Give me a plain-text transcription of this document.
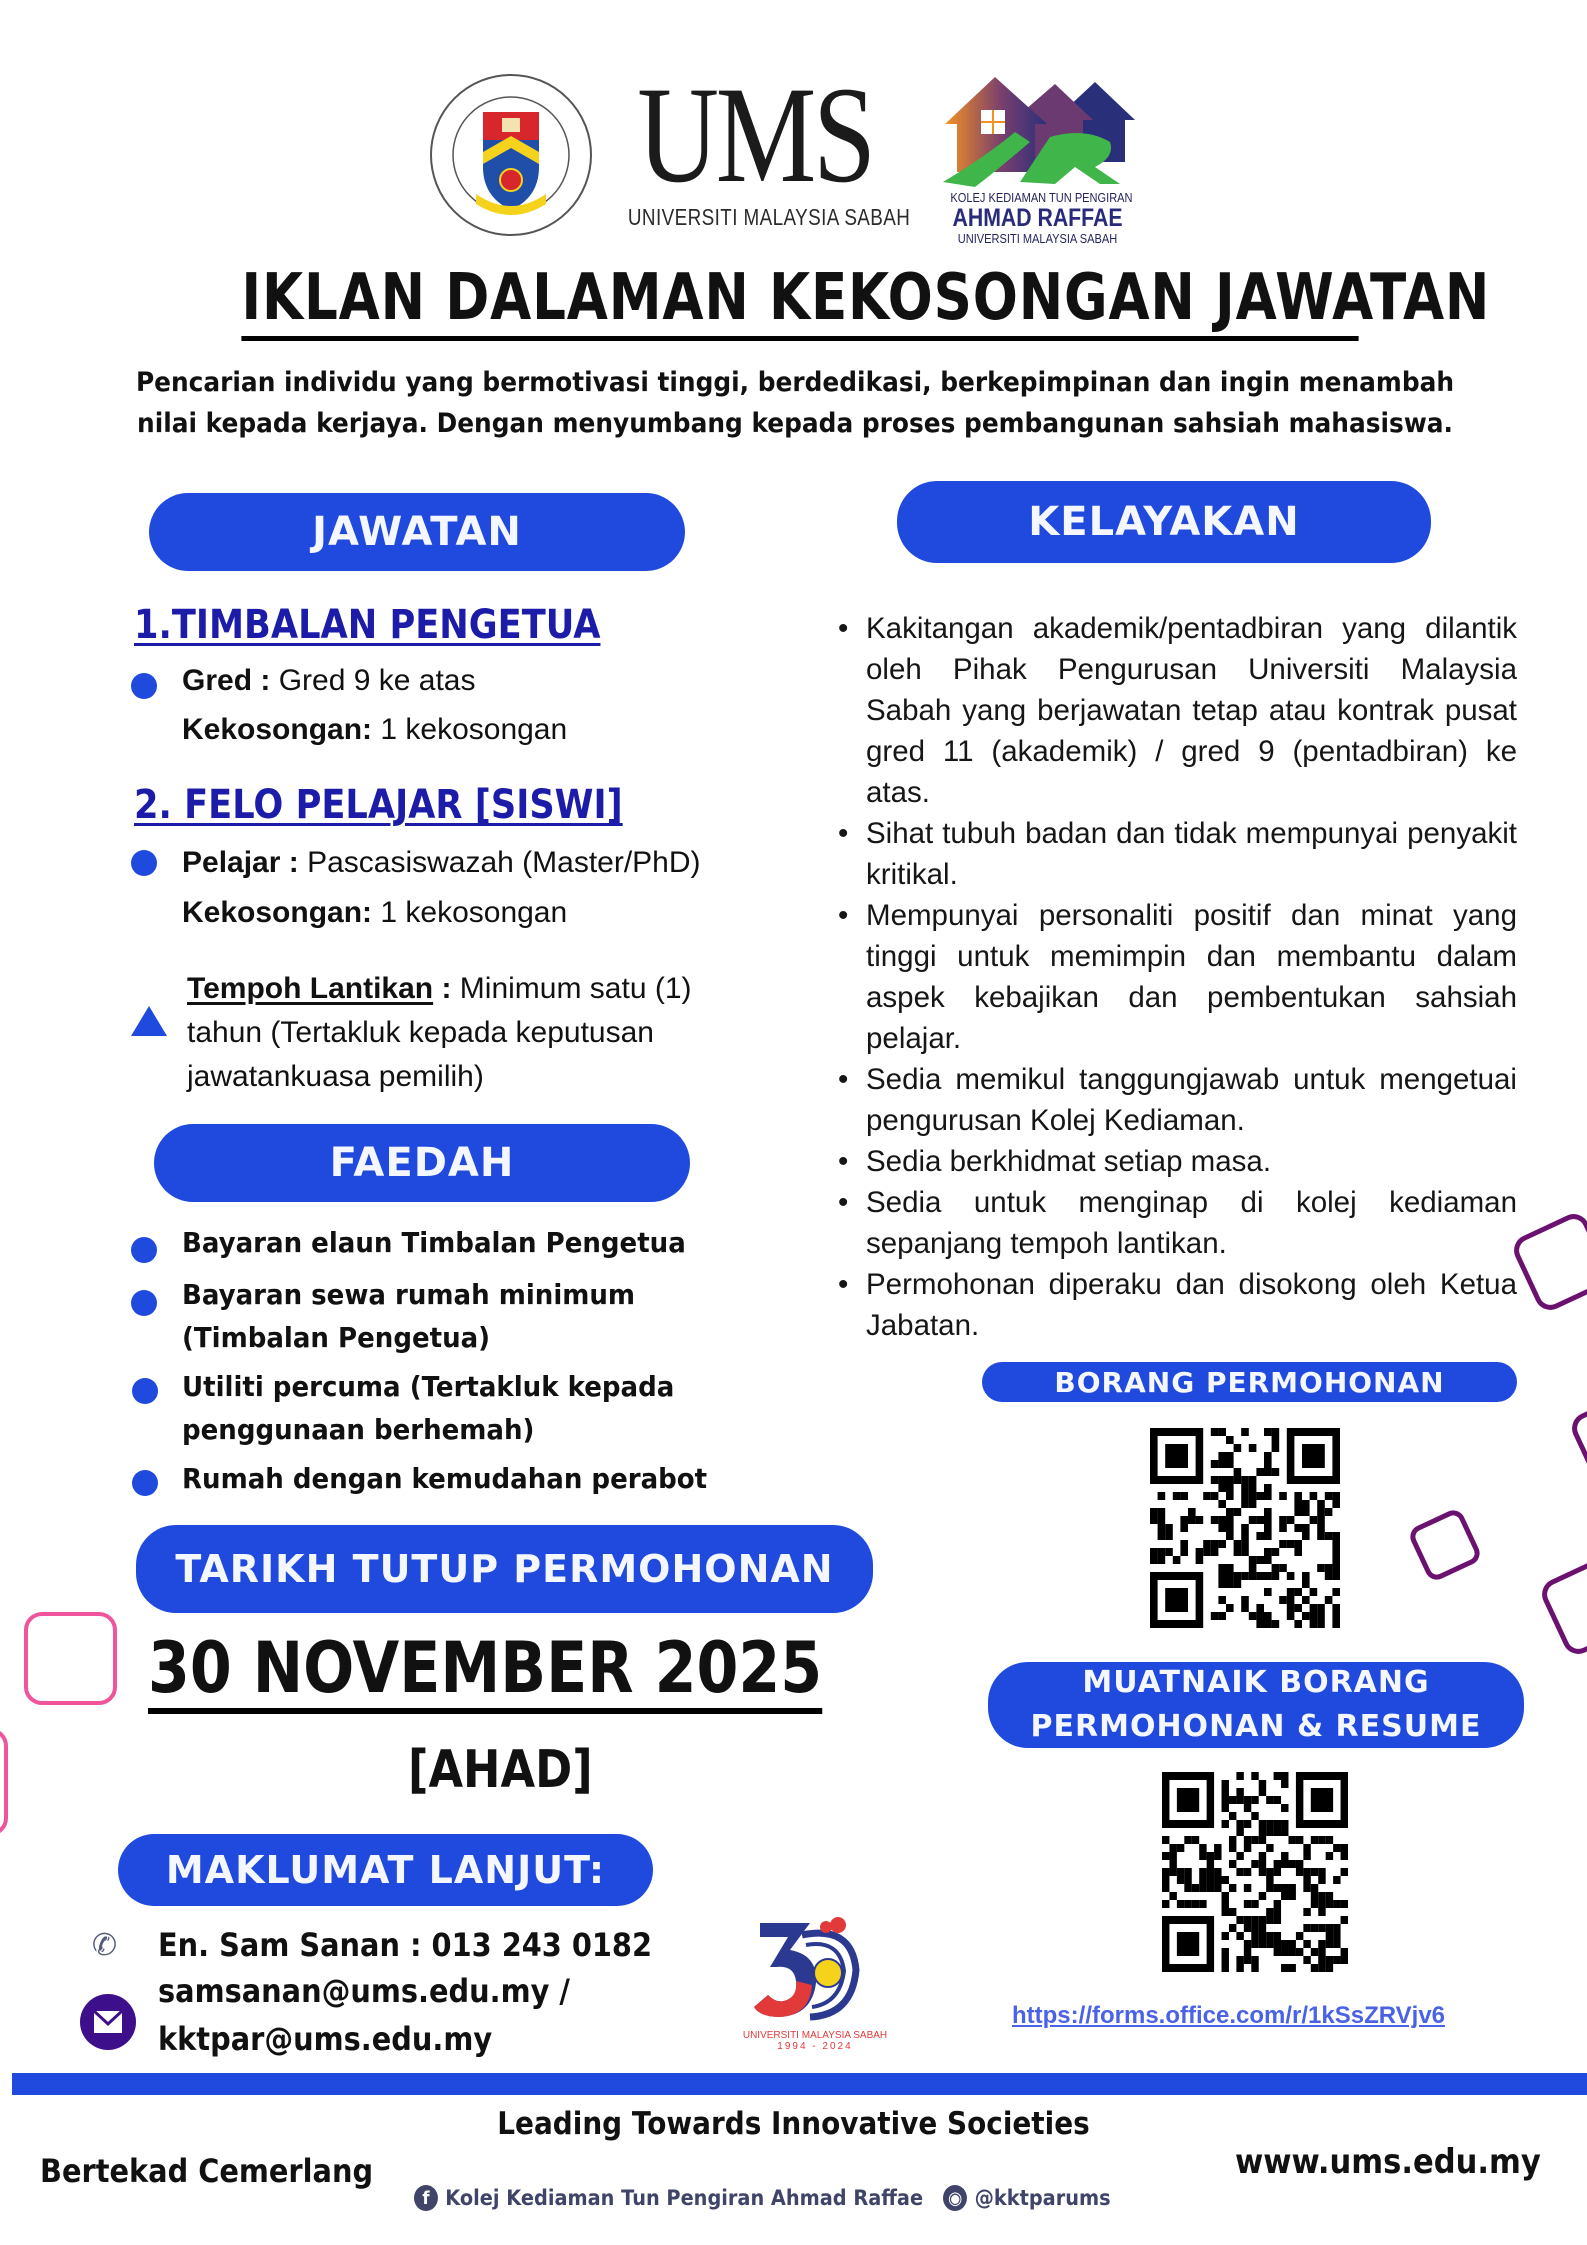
UMS
UNIVERSITI MALAYSIA SABAH
KOLEJ KEDIAMAN TUN PENGIRAN
AHMAD RAFFAE
UNIVERSITI MALAYSIA SABAH
IKLAN DALAMAN KEKOSONGAN JAWATAN
Pencarian individu yang bermotivasi tinggi, berdedikasi, berkepimpinan dan ingin menambah nilai kepada kerjaya. Dengan menyumbang kepada proses pembangunan sahsiah mahasiswa.
JAWATAN
1.TIMBALAN PENGETUA
Gred : Gred 9 ke atas
Kekosongan: 1 kekosongan
2. FELO PELAJAR [SISWI]
Pelajar : Pascasiswazah (Master/PhD)
Kekosongan: 1 kekosongan
Tempoh Lantikan : Minimum satu (1)
tahun (Tertakluk kepada keputusan
jawatankuasa pemilih)
FAEDAH
Bayaran elaun Timbalan Pengetua
Bayaran sewa rumah minimum
(Timbalan Pengetua)
Utiliti percuma (Tertakluk kepada
penggunaan berhemah)
Rumah dengan kemudahan perabot
KELAYAKAN
• Kakitangan akademik/pentadbiran yang dilantik oleh Pihak Pengurusan Universiti Malaysia Sabah yang berjawatan tetap atau kontrak pusat gred 11 (akademik) / gred 9 (pentadbiran) ke atas.
• Sihat tubuh badan dan tidak mempunyai penyakit kritikal.
• Mempunyai personaliti positif dan minat yang tinggi untuk memimpin dan membantu dalam aspek kebajikan dan pembentukan sahsiah pelajar.
• Sedia memikul tanggungjawab untuk mengetuai pengurusan Kolej Kediaman.
• Sedia berkhidmat setiap masa.
• Sedia untuk menginap di kolej kediaman sepanjang tempoh lantikan.
• Permohonan diperaku dan disokong oleh Ketua Jabatan.
BORANG PERMOHONAN
MUATNAIK BORANG
PERMOHONAN & RESUME
https://forms.office.com/r/1kSsZRVjv6
TARIKH TUTUP PERMOHONAN
30 NOVEMBER 2025
[AHAD]
MAKLUMAT LANJUT:
✆ En. Sam Sanan : 013 243 0182
samsanan@ums.edu.my /
kktpar@ums.edu.my	UNIVERSITI MALAYSIA SABAH
1994 - 2024
Leading Towards Innovative Societies
Bertekad Cemerlang	www.ums.edu.my
f Kolej Kediaman Tun Pengiran Ahmad Raffae ◉ @kktparums
